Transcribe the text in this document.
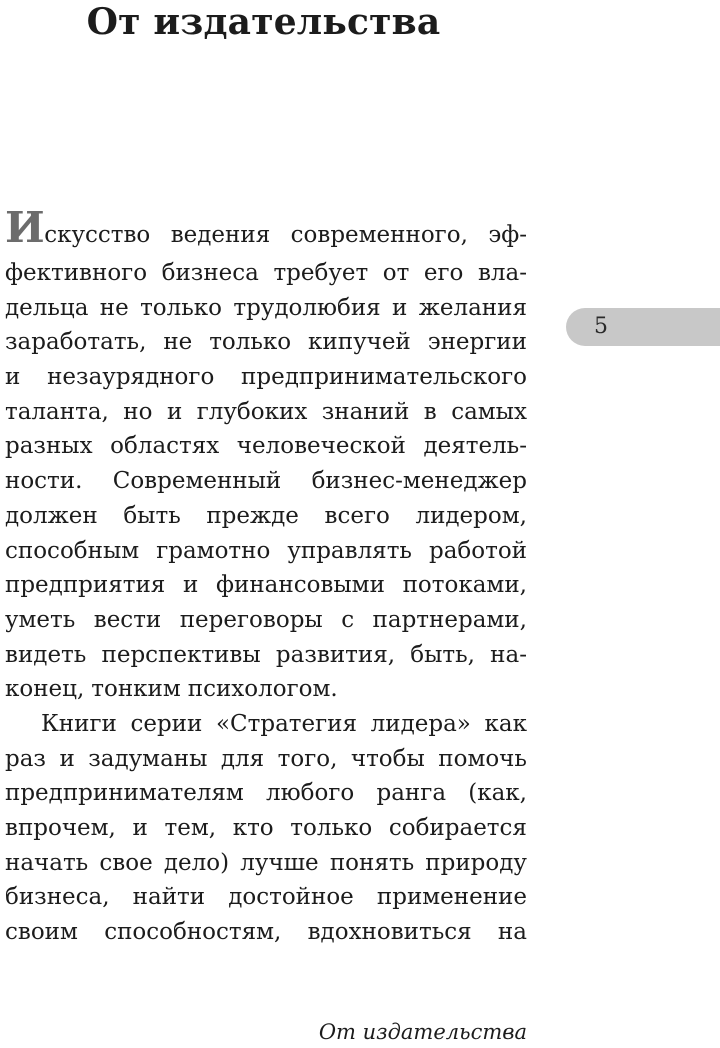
От издательства
5
Искусство ведения современного, эф-
фективного бизнеса требует от его вла-
дельца не только трудолюбия и желания
заработать, не только кипучей энергии
и незаурядного предпринимательского
таланта, но и глубоких знаний в самых
разных областях человеческой деятель-
ности. Современный бизнес-менеджер
должен быть прежде всего лидером,
способным грамотно управлять работой
предприятия и финансовыми потоками,
уметь вести переговоры с партнерами,
видеть перспективы развития, быть, на-
конец, тонким психологом.
Книги серии «Стратегия лидера» как
раз и задуманы для того, чтобы помочь
предпринимателям любого ранга (как,
впрочем, и тем, кто только собирается
начать свое дело) лучше понять природу
бизнеса, найти достойное применение
своим способностям, вдохновиться на
От издательства
